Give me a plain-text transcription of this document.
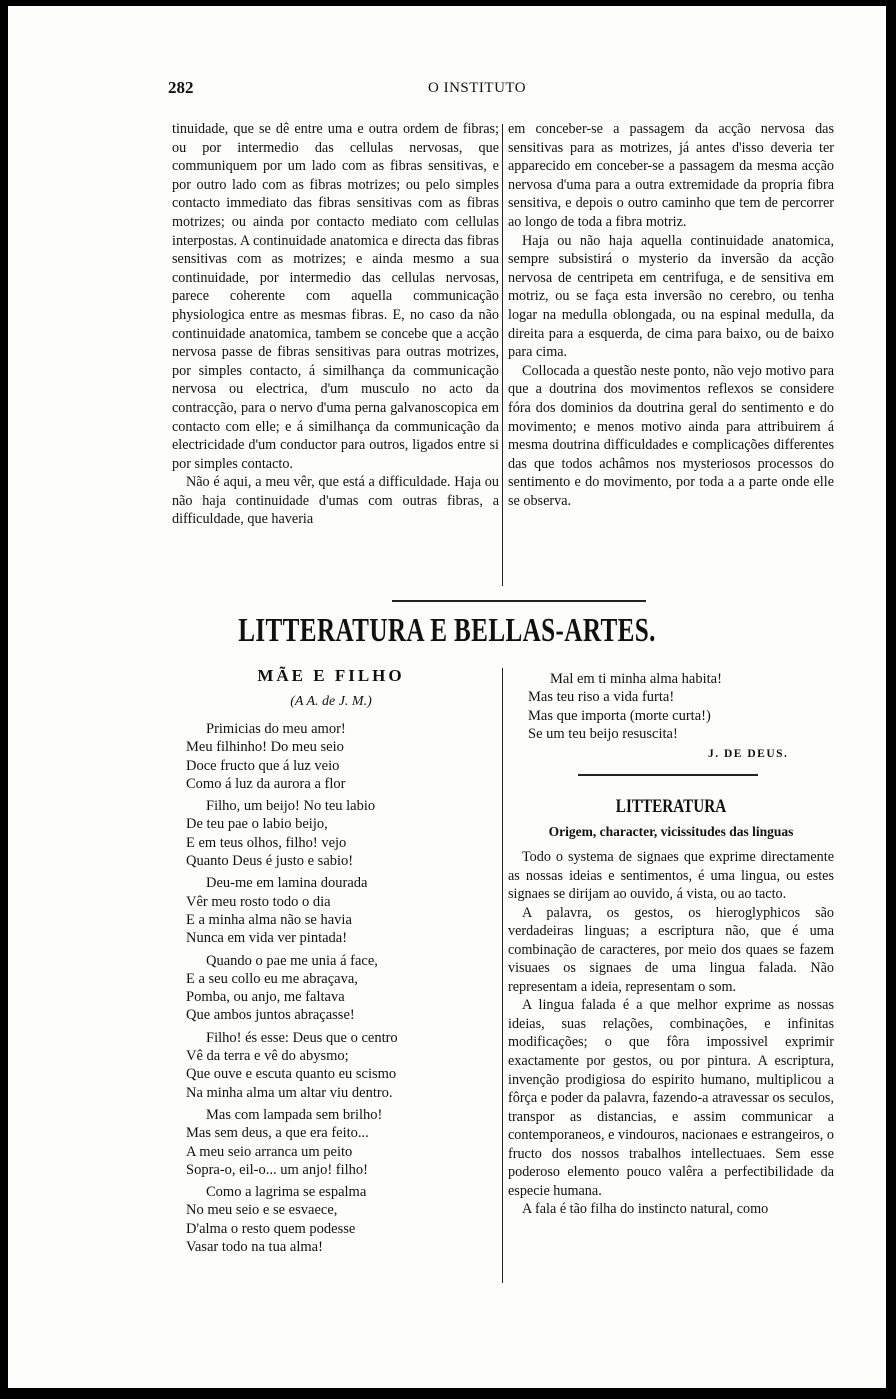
282	O INSTITUTO

tinuidade, que se dê entre uma e outra ordem de fibras; ou por intermedio das cellulas nervosas, que communiquem por um lado com as fibras sensitivas, e por outro lado com as fibras motrizes; ou pelo simples contacto immediato das fibras sensitivas com as fibras motrizes; ou ainda por contacto mediato com cellulas interpostas. A continuidade anatomica e directa das fibras sensitivas com as motrizes; e ainda mesmo a sua continuidade, por intermedio das cellulas nervosas, parece coherente com aquella communicação physiologica entre as mesmas fibras. E, no caso da não continuidade anatomica, tambem se concebe que a acção nervosa passe de fibras sensitivas para outras motrizes, por simples contacto, á similhança da communicação nervosa ou electrica, d'um musculo no acto da contracção, para o nervo d'uma perna galvanoscopica em contacto com elle; e á similhança da communicação da electricidade d'um conductor para outros, ligados entre si por simples contacto.

Não é aqui, a meu vêr, que está a difficuldade. Haja ou não haja continuidade d'umas com outras fibras, a difficuldade, que haveria

em conceber-se a passagem da acção nervosa das sensitivas para as motrizes, já antes d'isso deveria ter apparecido em conceber-se a passagem da mesma acção nervosa d'uma para a outra extremidade da propria fibra sensitiva, e depois o outro caminho que tem de percorrer ao longo de toda a fibra motriz.

Haja ou não haja aquella continuidade anatomica, sempre subsistirá o mysterio da inversão da acção nervosa de centripeta em centrifuga, e de sensitiva em motriz, ou se faça esta inversão no cerebro, ou tenha logar na medulla oblongada, ou na espinal medulla, da direita para a esquerda, de cima para baixo, ou de baixo para cima.

Collocada a questão neste ponto, não vejo motivo para que a doutrina dos movimentos reflexos se considere fóra dos dominios da doutrina geral do sentimento e do movimento; e menos motivo ainda para attribuirem á mesma doutrina difficuldades e complicações differentes das que todos achâmos nos mysteriosos processos do sentimento e do movimento, por toda a a parte onde elle se observa.

LITTERATURA E BELLAS-ARTES.
MÃE E FILHO
(A A. de J. M.)
Primicias do meu amor!
Meu filhinho! Do meu seio
Doce fructo que á luz veio
Como á luz da aurora a flor
Filho, um beijo! No teu labio
De teu pae o labio beijo,
E em teus olhos, filho! vejo
Quanto Deus é justo e sabio!
Deu-me em lamina dourada
Vêr meu rosto todo o dia
E a minha alma não se havia
Nunca em vida ver pintada!
Quando o pae me unia á face,
E a seu collo eu me abraçava,
Pomba, ou anjo, me faltava
Que ambos juntos abraçasse!
Filho! és esse: Deus que o centro
Vê da terra e vê do abysmo;
Que ouve e escuta quanto eu scismo
Na minha alma um altar viu dentro.
Mas com lampada sem brilho!
Mas sem deus, a que era feito...
A meu seio arranca um peito
Sopra-o, eil-o... um anjo! filho!
Como a lagrima se espalma
No meu seio e se esvaece,
D'alma o resto quem podesse
Vasar todo na tua alma!
Mal em ti minha alma habita!
Mas teu riso a vida furta!
Mas que importa (morte curta!)
Se um teu beijo resuscita!
J. DE DEUS.
LITTERATURA
Origem, character, vicissitudes das linguas

Todo o systema de signaes que exprime directamente as nossas ideias e sentimentos, é uma lingua, ou estes signaes se dirijam ao ouvido, á vista, ou ao tacto.

A palavra, os gestos, os hieroglyphicos são verdadeiras linguas; a escriptura não, que é uma combinação de caracteres, por meio dos quaes se fazem visuaes os signaes de uma lingua falada. Não representam a ideia, representam o som.

A lingua falada é a que melhor exprime as nossas ideias, suas relações, combinações, e infinitas modificações; o que fôra impossivel exprimir exactamente por gestos, ou por pintura. A escriptura, invenção prodigiosa do espirito humano, multiplicou a fôrça e poder da palavra, fazendo-a atravessar os seculos, transpor as distancias, e assim communicar a contemporaneos, e vindouros, nacionaes e estrangeiros, o fructo dos nossos trabalhos intellectuaes. Sem esse poderoso elemento pouco valêra a perfectibilidade da especie humana.

A fala é tão filha do instincto natural, como
